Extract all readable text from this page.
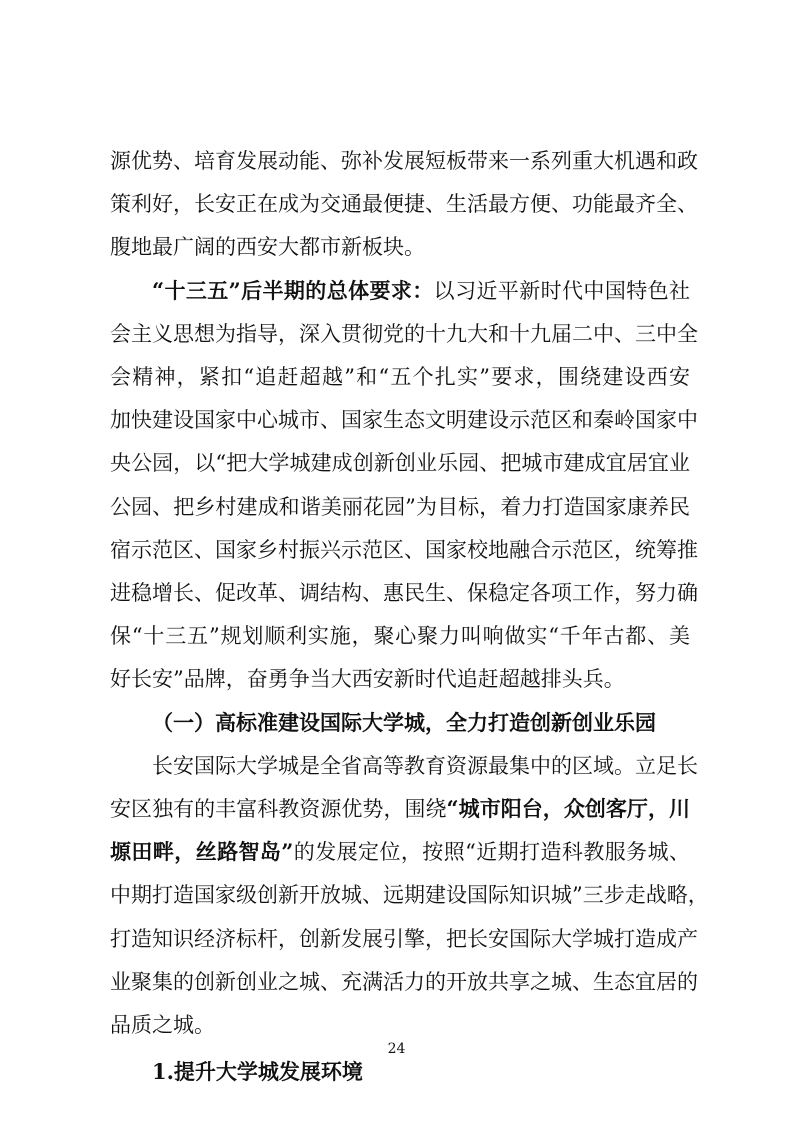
源优势、培育发展动能、弥补发展短板带来一系列重大机遇和政
策利好，长安正在成为交通最便捷、生活最方便、功能最齐全、
腹地最广阔的西安大都市新板块。
“十三五”后半期的总体要求：以习近平新时代中国特色社
会主义思想为指导，深入贯彻党的十九大和十九届二中、三中全
会精神，紧扣“追赶超越”和“五个扎实”要求，围绕建设西安
加快建设国家中心城市、国家生态文明建设示范区和秦岭国家中
央公园，以“把大学城建成创新创业乐园、把城市建成宜居宜业
公园、把乡村建成和谐美丽花园”为目标，着力打造国家康养民
宿示范区、国家乡村振兴示范区、国家校地融合示范区，统筹推
进稳增长、促改革、调结构、惠民生、保稳定各项工作，努力确
保“十三五”规划顺利实施，聚心聚力叫响做实“千年古都、美
好长安”品牌，奋勇争当大西安新时代追赶超越排头兵。
（一）高标准建设国际大学城，全力打造创新创业乐园
长安国际大学城是全省高等教育资源最集中的区域。立足长
安区独有的丰富科教资源优势，围绕“城市阳台，众创客厅，川
塬田畔，丝路智岛”的发展定位，按照“近期打造科教服务城、
中期打造国家级创新开放城、远期建设国际知识城”三步走战略，
打造知识经济标杆，创新发展引擎，把长安国际大学城打造成产
业聚集的创新创业之城、充满活力的开放共享之城、生态宜居的
品质之城。
24
1.提升大学城发展环境
